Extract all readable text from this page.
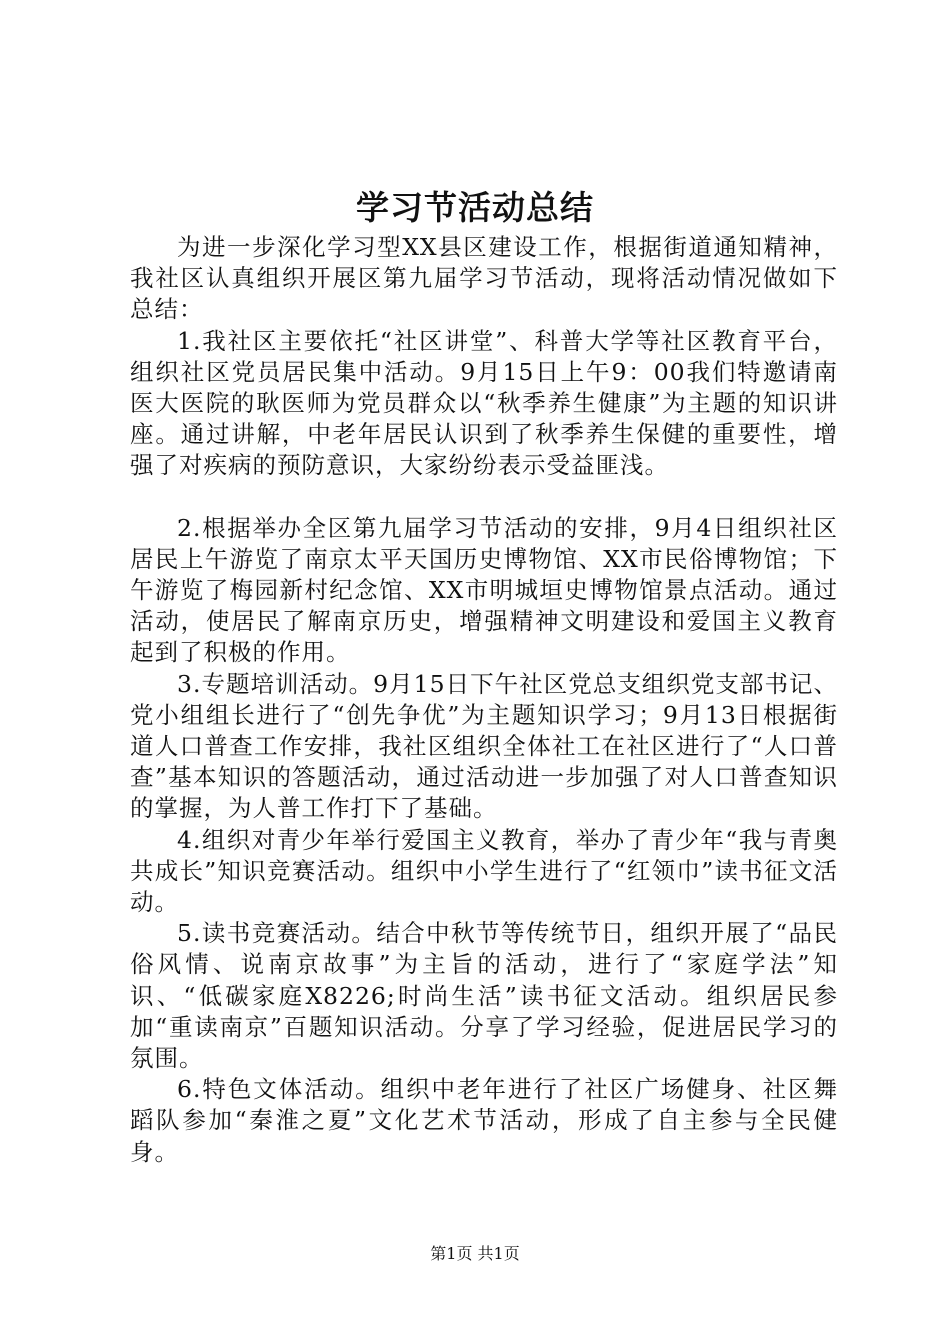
学习节活动总结

为进一步深化学习型XX县区建设工作，根据街道通知精神，我社区认真组织开展区第九届学习节活动，现将活动情况做如下总结：

1.我社区主要依托“社区讲堂”、科普大学等社区教育平台，组织社区党员居民集中活动。9月15日上午9：00我们特邀请南医大医院的耿医师为党员群众以“秋季养生健康”为主题的知识讲座。通过讲解，中老年居民认识到了秋季养生保健的重要性，增强了对疾病的预防意识，大家纷纷表示受益匪浅。

2.根据举办全区第九届学习节活动的安排，9月4日组织社区居民上午游览了南京太平天国历史博物馆、XX市民俗博物馆；下午游览了梅园新村纪念馆、XX市明城垣史博物馆景点活动。通过活动，使居民了解南京历史，增强精神文明建设和爱国主义教育起到了积极的作用。

3.专题培训活动。9月15日下午社区党总支组织党支部书记、党小组组长进行了“创先争优”为主题知识学习；9月13日根据街道人口普查工作安排，我社区组织全体社工在社区进行了“人口普查”基本知识的答题活动，通过活动进一步加强了对人口普查知识的掌握，为人普工作打下了基础。

4.组织对青少年举行爱国主义教育，举办了青少年“我与青奥共成长”知识竞赛活动。组织中小学生进行了“红领巾”读书征文活动。

5.读书竞赛活动。结合中秋节等传统节日，组织开展了“品民俗风情、说南京故事”为主旨的活动，进行了“家庭学法”知识、“低碳家庭X8226;时尚生活”读书征文活动。组织居民参加“重读南京”百题知识活动。分享了学习经验，促进居民学习的氛围。

6.特色文体活动。组织中老年进行了社区广场健身、社区舞蹈队参加“秦淮之夏”文化艺术节活动，形成了自主参与全民健身。

第1页 共1页
